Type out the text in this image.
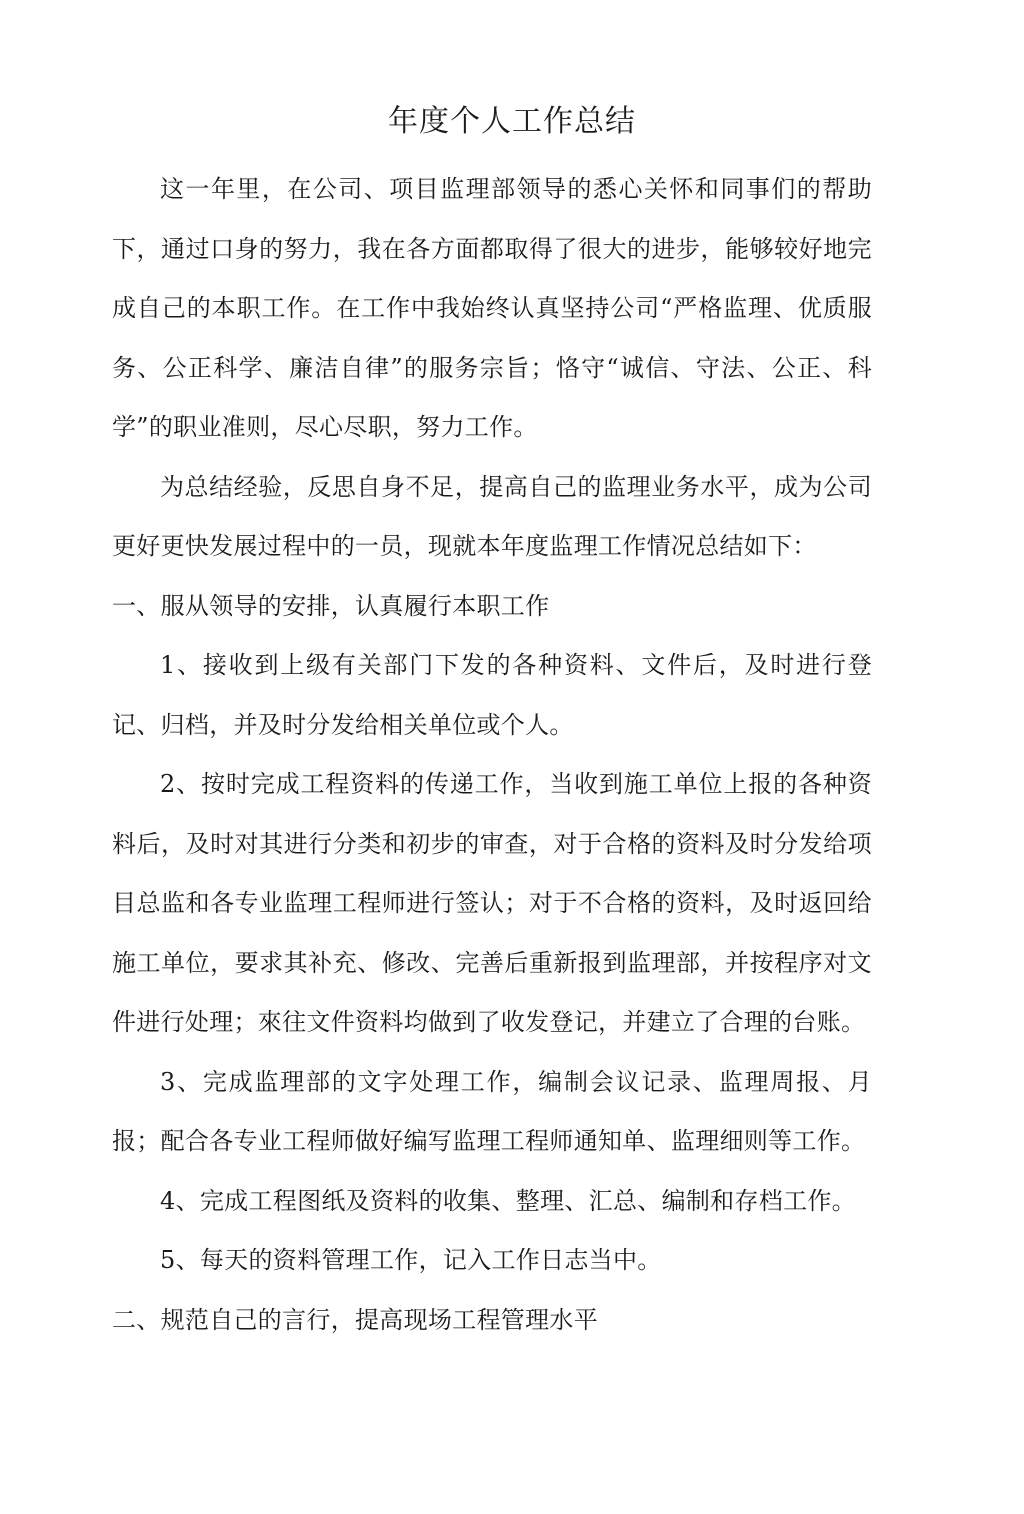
年度个人工作总结

这一年里，在公司、项目监理部领导的悉心关怀和同事们的帮助下，通过口身的努力，我在各方面都取得了很大的进步，能够较好地完成自己的本职工作。在工作中我始终认真坚持公司“严格监理、优质服务、公正科学、廉洁自律”的服务宗旨；恪守“诚信、守法、公正、科学”的职业准则，尽心尽职，努力工作。

为总结经验，反思自身不足，提高自己的监理业务水平，成为公司更好更快发展过程中的一员，现就本年度监理工作情况总结如下：

一、服从领导的安排，认真履行本职工作

1、接收到上级有关部门下发的各种资料、文件后，及时进行登记、归档，并及时分发给相关单位或个人。

2、按时完成工程资料的传递工作，当收到施工单位上报的各种资料后，及时对其进行分类和初步的审查，对于合格的资料及时分发给项目总监和各专业监理工程师进行签认；对于不合格的资料，及时返回给施工单位，要求其补充、修改、完善后重新报到监理部，并按程序对文件进行处理；來往文件资料均做到了收发登记，并建立了合理的台账。

3、完成监理部的文字处理工作，编制会议记录、监理周报、月报；配合各专业工程师做好编写监理工程师通知单、监理细则等工作。

4、完成工程图纸及资料的收集、整理、汇总、编制和存档工作。

5、每天的资料管理工作，记入工作日志当中。

二、规范自己的言行，提高现场工程管理水平
